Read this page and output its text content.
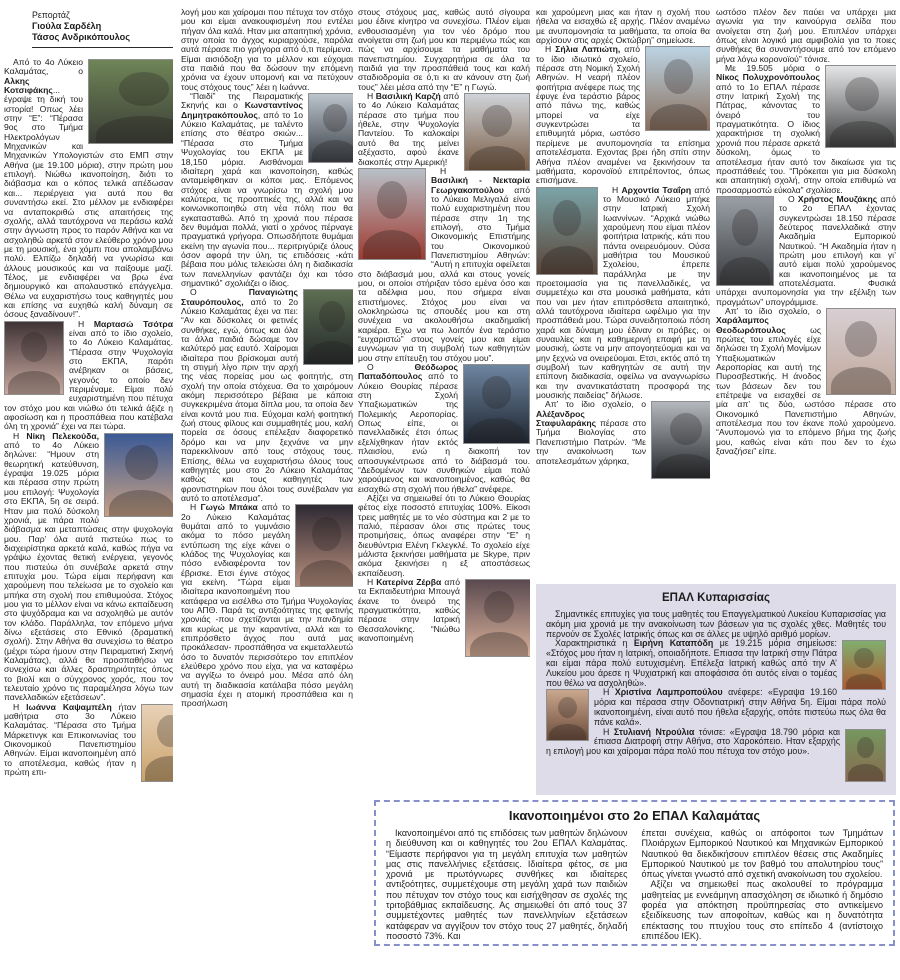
Ρεπορτάζ
Γιούλα Σαρδέλη
Τάσος Ανδρικόπουλος

Από το 4ο Λύκειο Καλαμάτας, ο Αλκης Κοτσιφάκης... έγραψε τη δική του ιστορία! Οπως λέει στην “Ε”: “Πέρασα 9ος στο Τμήμα Ηλεκτρολόγων Μηχανικών και Μηχανικών Υπολογιστών στο ΕΜΠ στην Αθήνα (με 19.100 μόρια), στην πρώτη μου επιλογή. Νιώθω ικανοποίηση, διότι το διάβασμα και ο κόπος τελικά απέδωσαν και... περιέργεια για αυτά που θα συναντήσω εκεί. Στο μέλλον με ενδιαφέρει να ανταποκριθώ στις απαιτήσεις της σχολής, αλλά ταυτόχρονα να περάσω καλά στην άγνωστη προς το παρόν Αθήνα και να ασχοληθώ αρκετά στον ελεύθερο χρόνο μου με τη μουσική, ένα χόμπι που απολαμβάνω πολύ. Ελπίζω δηλαδή να γνωρίσω και άλλους μουσικούς και να παίξουμε μαζί. Τέλος, με ενδιαφέρει να βρω ένα δημιουργικό και απολαυστικό επάγγελμα. Θέλω να ευχαριστήσω τους καθηγητές μου και επίσης να ευχηθώ καλή δύναμη σε όσους ξαναδίνουν!”.

Η Μαρτασώ Τσότρα είναι από το ίδιο σχολείο, το 4ο Λύκειο Καλαμάτας. “Πέρασα στην Ψυχολογία στο ΕΚΠΑ, παρότι ανέβηκαν οι βάσεις, γεγονός το οποίο δεν περιμέναμε. Είμαι πολύ ευχαριστημένη που πέτυχα τον στόχο μου και νιώθω ότι τελικά άξιζε η αφοσίωση και η προσπάθεια που κατέβαλα όλη τη χρονιά” έχει να πει τώρα.

Η Νίκη Πελεκούδα, από το 4ο Λύκειο δηλώνει: “Ημουν στη θεωρητική κατεύθυνση, έγραψα 19.025 μόρια και πέρασα στην πρώτη μου επιλογή: Ψυχολογία στο ΕΚΠΑ, 5η σε σειρά. Ηταν μια πολύ δύσκολη χρονιά, με πάρα πολύ διάβασμα και μεταπτώσεις στην ψυχολογία μου. Παρ’ όλα αυτά πιστεύω πως το διαχειρίστηκα αρκετά καλά, καθώς πήγα να γράψω έχοντας θετική ενέργεια, γεγονός που πιστεύω ότι συνέβαλε αρκετά στην επιτυχία μου. Τώρα είμαι περήφανη και χαρούμενη που τελείωσα με το σχολείο και μπήκα στη σχολή που επιθυμούσα. Στόχος μου για το μέλλον είναι να κάνω εκπαίδευση στο ψυχόδραμα και να ασχοληθώ με αυτόν τον κλάδο. Παράλληλα, τον επόμενο μήνα δίνω εξετάσεις στο Εθνικό (δραματική σχολή). Στην Αθήνα θα συνεχίσω το θέατρο (μέχρι τώρα ήμουν στην Πειραματική Σκηνή Καλαμάτας), αλλά θα προσπαθήσω να συνεχίσω και άλλες δραστηριότητες όπως το βιολί και ο σύγχρονος χορός, που τον τελευταίο χρόνο τις παραμέλησα λόγω των πανελλαδικών εξετάσεων”.

Η Ιωάννα Καψαμπέλη ήταν μαθήτρια στο 3ο Λύκειο Καλαμάτας. “Πέρασα στο Τμήμα Μάρκετινγκ και Επικοινωνίας του Οικονομικού Πανεπιστημίου Αθηνών. Είμαι ικανοποιημένη από το αποτέλεσμα, καθώς ήταν η πρώτη επι-

λογή μου και χαίρομαι που πέτυχα τον στόχο μου και είμαι ανακουφισμένη που εντέλει πήγαν όλα καλά. Ηταν μια απαιτητική χρόνια, στην οποία το άγχος κυριαρχούσε, παρόλα αυτά πέρασε πιο γρήγορα από ό,τι περίμενα. Είμαι αισιόδοξη για το μέλλον και εύχομαι στα παιδιά που θα δώσουν την επόμενη χρόνια να έχουν υπομονή και να πετύχουν τους στόχους τους” λέει η Ιωάννα.

“Παιδί” της Πειραματικής Σκηνής και ο Κωνσταντίνος Δημητρακόπουλος, από το 1ο Λύκειο Καλαμάτας, με ταλέντο επίσης στο θέατρο σκιών... “Πέρασα στο Τμήμα Ψυχολογίας του ΕΚΠΑ με 18,150 μόρια. Αισθάνομαι ιδιαίτερη χαρά και ικανοποίηση, καθώς ανταμείφθηκαν οι κόποι μας. Επόμενος στόχος είναι να γνωρίσω τη σχολή μου καλύτερα, τις προοπτικές της, αλλά και να κοινωνικοποιηθώ στη νέα πόλη που θα εγκατασταθώ. Από τη χρονιά που πέρασε δεν θυμάμαι πολλά, γιατί ο χρόνος πέρναγε πραγματικά γρήγορα. Οπωσδήποτε θυμάμαι εκείνη την αγωνία που... περιτριγύριζε όλους όσον αφορά την ύλη, τις επιδόσεις -κάτι βέβαια που μόλις τελειώσει όλη η διαδικασία των πανελληνίων φαντάζει όχι και τόσο σημαντικό” σχολιάζει ο ίδιος.

Ο Παναγιώτης Σταυρόπουλος, από το 2ο Λύκειο Καλαμάτας έχει να πει: “Αν και δύσκολες οι φετινές συνθήκες, εγώ, όπως και όλα τα άλλα παιδιά δώσαμε τον καλύτερό μας εαυτό. Χαίρομαι ιδιαίτερα που βρίσκομαι αυτή τη στιγμή λίγο πριν την αρχή της νέας πορείας μου ως φοιτητής, στη σχολή την οποία στόχευα. Θα το χαιρόμουν ακόμη περισσότερο βέβαια με κάποια συγκεκριμένα άτομα δίπλα μου, τα οποία δεν είναι κοντά μου πια. Εύχομαι καλή φοιτητική ζωή στους φίλους και συμμαθητές μου, καλή πορεία σε όσους επέλεξαν διαφορετικό δρόμο και να μην ξεχνάνε να μην παρεκκλίνουν από τους στόχους τους. Επίσης, θέλω να ευχαριστήσω όλους τους καθηγητές μου στο 2ο Λύκειο Καλαμάτας καθώς και τους καθηγητές των φροντιστηρίων που όλοι τους συνέβαλαν για αυτό το αποτέλεσμα”.

Η Γωγώ Μπάκα από το 2ο Λύκειο Καλαμάτας θυμάται από το γυμνάσιο ακόμα το πόσο μεγάλη εντύπωση της είχε κάνει ο κλάδος της Ψυχολογίας και πόσο ενδιαφέροντα τον έβρισκε. Ετσι έγινε στόχος για εκείνη. “Τώρα είμαι ιδιαίτερα ικανοποιημένη που κατάφερα να εισέλθω στο Τμήμα Ψυχολογίας του ΑΠΘ. Παρά τις αντιξοότητες της φετινής χρονιάς -που σχετίζονται με την πανδημία και κυρίως με την καραντίνα, αλλά και το επιπρόσθετο άγχος που αυτά μας προκάλεσαν- προσπάθησα να εκμεταλλευτώ όσο το δυνατόν περισσότερο τον επιπλέον ελεύθερο χρόνο που είχα, για να καταφέρω να αγγίξω το όνειρό μου. Μέσα από όλη αυτή τη διαδικασία κατάλαβα πόσο μεγάλη σημασία έχει η ατομική προσπάθεια και η προσήλωση

στους στόχους μας, καθώς αυτό σίγουρα μου έδινε κίνητρο να συνεχίσω. Πλέον είμαι ενθουσιασμένη για τον νέο δρόμο που ανοίγεται στη ζωή μου και περιμένω πώς και πώς να αρχίσουμε τα μαθήματα του πανεπιστημίου. Συγχαρητήρια σε όλα τα παιδιά για την προσπάθειά τους και καλή σταδιοδρομία σε ό,τι κι αν κάνουν στη ζωή τους” λέει μέσα από την “Ε” η Γωγώ.

Η Βασιλική Καρζή από το 4ο Λύκειο Καλαμάτας πέρασε στο τμήμα που ήθελε, στην Ψυχολογία Παντείου. Το καλοκαίρι αυτό θα της μείνει αξέχαστο, αφού έκανε διακοπές στην Αμερική!

Η Βασιλική - Νεκταρία Γεωργακοπούλου από το Λύκειο Μελιγαλά είναι πολύ ευχαριστημένη που πέρασε στην 1η της επιλογή, στο Τμήμα Οικονομικής Επιστήμης του Οικονομικού Πανεπιστημίου Αθηνών: “Αυτή η επιτυχία οφείλεται στο διάβασμά μου, αλλά και στους γονείς μου, οι οποίοι στήριξαν τόσο εμένα όσο και τα αδέλφια μου, που σήμερα είναι επιστήμονες. Στόχος μου είναι να ολοκληρώσω τις σπουδές μου και στη συνέχεια να ακολουθήσω ακαδημαϊκή καριέρα. Εχω να πω λοιπόν ένα τεράστιο “ευχαριστώ” στους γονείς μου και είμαι ευγνώμων για τη συμβολή των καθηγητών μου στην επίτευξη του στόχου μου”.

Ο Θεόδωρος Παπαδόπουλος από το Λύκειο Θουρίας πέρασε στη Σχολή Υπαξιωματικών της Πολεμικής Αεροπορίας. Οπως είπε, οι πανελλαδικές έτσι όπως εξελίχθηκαν ήταν εκτός πλαισίου, ενώ η διακοπή τον αποσυγκέντρωσε από το διάβασμά του. “Δεδομένων των συνθηκών είμαι πολύ χαρούμενος και ικανοποιημένος, καθώς θα εισαχθώ στη σχολή που ήθελα” ανέφερε.

Αξίζει να σημειωθεί ότι το Λύκειο Θουρίας φέτος είχε ποσοστό επιτυχίας 100%. Είκοσι τρεις μαθητές με το νέο σύστημα και 2 με το παλιό, πέρασαν όλοι στις πρώτες τους προτιμήσεις, όπως αναφέρει στην “Ε” η διευθύντρια Ελένη Γκλεγκλέ. Το σχολείο είχε μάλιστα ξεκινήσει μαθήματα με Skype, πριν ακόμα ξεκινήσει η εξ αποστάσεως εκπαίδευση.

Η Κατερίνα Ζέρβα από τα Εκπαιδευτήρια Μπουγά έκανε το όνειρό της πραγματικότητα, καθώς πέρασε στην Ιατρική Θεσσαλονίκης. “Νιώθω ικανοποιημένη

και χαρούμενη μιας και ήταν η σχολή που ήθελα να εισαχθώ εξ αρχής. Πλέον αναμένω με ανυπομονησία τα μαθήματα, τα οποία θα αρχίσουν στις αρχές Οκτώβρη” σημείωσε.

Η Σήλια Λαπιώτη, από το ίδιο ιδιωτικό σχολείο, πέρασε στη Νομική Σχολή Αθηνών. Η νεαρή πλέον φοιτήτρια ανέφερε πως της έφυγε ένα τεράστιο βάρος από πάνω της, καθώς μπορεί να είχε συγκεντρώσει τα επιθυμητά μόρια, ωστόσο περίμενε με ανυπομονησία τα επίσημα αποτελέσματα. Εχοντας βρει ήδη σπίτι στην Αθήνα πλέον αναμένει να ξεκινήσουν τα μαθήματα, κορονοϊού επιτρέποντος, όπως επισήμανε.

Η Αρχοντία Τσαΐρη από το Μουσικό Λύκειο μπήκε στην Ιατρική Σχολή Ιωαννίνων. “Αρχικά νιώθω χαρούμενη που είμαι πλέον φοιτήτρια Ιατρικής, κάτι που πάντα ονειρευόμουν. Ούσα μαθήτρια του Μουσικού Σχολείου, έπρεπε παράλληλα με την προετοιμασία για τις πανελλαδικές, να συμμετέχω και στα μουσικά μαθήματα, κάτι που ναι μεν ήταν επιπρόσθετα απαιτητικό, αλλά ταυτόχρονα ιδιαίτερα ωφέλιμο για την προσπάθειά μου. Τώρα συνειδητοποιώ πόση χαρά και δύναμη μου έδιναν οι πρόβες, οι συναυλίες και η καθημερινή επαφή με τη μουσική, ώστε να μην απογοητεύομαι και να μην ξεχνώ να ονειρεύομαι. Ετσι, εκτός από τη συμβολή των καθηγητών σε αυτή την επίπονη διαδικασία, οφείλω να αναγνωρίσω και την αναντικατάστατη προσφορά της μουσικής παιδείας” δήλωσε.

Απ’ το ίδιο σχολείο, ο Αλέξανδρος Σταφυλαράκης πέρασε στο Τμήμα Βιολογίας στο Πανεπιστήμιο Πατρών. “Με την ανακοίνωση των αποτελεσμάτων χάρηκα,

ωστόσο πλέον δεν παύει να υπάρχει μια αγωνία για την καινούργια σελίδα που ανοίγεται στη ζωή μου. Επιπλέον υπάρχει όπως είναι λογικό μια αμφιβολία για το ποιες συνθήκες θα συναντήσουμε από τον επόμενο μήνα λόγω κορονοϊού” τόνισε.

Με 19.505 μόρια ο Νίκος Πολυχρονόπουλος από το 1ο ΕΠΑΛ πέρασε στην Ιατρική Σχολή της Πάτρας, κάνοντας το όνειρό του πραγματικότητα. Ο ίδιος χαρακτήρισε τη σχολική χρονιά που πέρασε αρκετά δύσκολη, όμως το αποτέλεσμα ήταν αυτό τον δικαίωσε για τις προσπάθειές του. “Πρόκειται για μια δύσκολη και απαιτητική σχολή, στην οποία επιθυμώ να προσαρμοστώ εύκολα” σχολίασε.

Ο Χρήστος Μουζάκης από το 2ο ΕΠΑΛ έχοντας συγκεντρώσει 18.150 πέρασε δεύτερος πανελλαδικά στην Ακαδημία Εμπορικού Ναυτικού. “Η Ακαδημία ήταν η πρώτη μου επιλογή και γι’ αυτό είμαι πολύ χαρούμενος και ικανοποιημένος με τα αποτελέσματα. Φυσικά υπάρχει ανυπομονησία για την εξέλιξη των πραγμάτων” υπογράμμισε.

Απ’ το ίδιο σχολείο, ο Χαράλαμπος Θεοδωρόπουλος ως πρώτες του επιλογές είχε δηλώσει τη Σχολή Μονίμων Υπαξιωματικών Αεροπορίας και αυτή της Πυροσβεστικής. Η άνοδος των βάσεων δεν του επέτρεψε να εισαχθεί σε μία απ’ τις δύο, ωστόσο πέρασε στο Οικονομικό Πανεπιστήμιο Αθηνών, αποτέλεσμα που τον έκανε πολύ χαρούμενο. “Ανυπομονώ για το επόμενο βήμα της ζωής μου, καθώς είναι κάτι που δεν το έχω ξαναζήσει” είπε.

ΕΠΑΛ Κυπαρισσίας

Σημαντικές επιτυχίες για τους μαθητές του Επαγγελματικού Λυκείου Κυπαρισσίας για ακόμη μια χρονιά με την ανακοίνωση των βάσεων για τις σχολές χθες. Μαθητές του περνούν σε Σχολές Ιατρικής όπως και σε άλλες με υψηλό αριθμό μορίων.

Χαρακτηριστικά η Ειρήνη Καταπόδη με 19.215 μόρια σημείωσε: «Στόχος μου ήταν η Ιατρική, οποιαδήποτε. Επιασα την Ιατρική στην Πάτρα και είμαι πάρα πολύ ευτυχισμένη. Επέλεξα Ιατρική καθώς από την Α’ Λυκείου μου άρεσε η Ψυχιατρική και αποφάσισα ότι αυτός είναι ο τομέας που θέλω να ασχοληθώ».

Η Χριστίνα Λαμπροπούλου ανέφερε: «Εγραψα 19.160 μόρια και πέρασα στην Οδοντιατρική στην Αθήνα 5η. Είμαι πάρα πολύ ικανοποιημένη, είναι αυτό που ήθελα εξαρχής, οπότε πιστεύω πως όλα θα πάνε καλά».

Η Στυλιανή Ντρούλια τόνισε: «Εγραψα 18.790 μόρια και έπιασα Διατροφή στην Αθήνα, στο Χαροκόπειο. Ηταν εξαρχής η επιλογή μου και χαίρομαι πάρα πολύ που πέτυχα τον στόχο μου».

Ικανοποιημένοι στο 2ο ΕΠΑΛ Καλαμάτας

Ικανοποιημένοι από τις επιδόσεις των μαθητών δηλώνουν η διεύθυνση και οι καθηγητές του 2ου ΕΠΑΛ Καλαμάτας. “Είμαστε περήφανοι για τη μεγάλη επιτυχία των μαθητών μας στις πανελλήνιες εξετάσεις. Ιδιαίτερα φέτος, σε μια χρονιά με πρωτόγνωρες συνθήκες και ιδιαίτερες αντιξοότητες, συμμετέχουμε στη μεγάλη χαρά των παιδιών που πέτυχαν τον στόχο τους και εισήχθησαν σε σχολές της τριτοβάθμιας εκπαίδευσης. Ας σημειωθεί ότι από τους 37 συμμετέχοντες μαθητές των πανελληνίων εξετάσεων κατάφεραν να αγγίξουν τον στόχο τους 27 μαθητές, δηλαδή ποσοστό 73%. Και

έπεται συνέχεια, καθώς οι απόφοιτοι των Τμημάτων Πλοιάρχων Εμπορικού Ναυτικού και Μηχανικών Εμπορικού Ναυτικού θα διεκδικήσουν επιπλέον θέσεις στις Ακαδημίες Εμπορικού Ναυτικού με τον βαθμό του απολυτηρίου τους” όπως γίνεται γνωστό από σχετική ανακοίνωση του σχολείου.

Αξίζει να σημειωθεί πως ακολουθεί το πρόγραμμα μαθητείας με εννεάμηνη απασχόληση σε ιδιωτικό ή δημόσιο φορέα για απόκτηση προϋπηρεσίας στο αντικείμενο εξειδίκευσης των αποφοίτων, καθώς και η δυνατότητα επέκτασης του πτυχίου τους στο επίπεδο 4 (αντίστοιχο επιπέδου ΙΕΚ).
